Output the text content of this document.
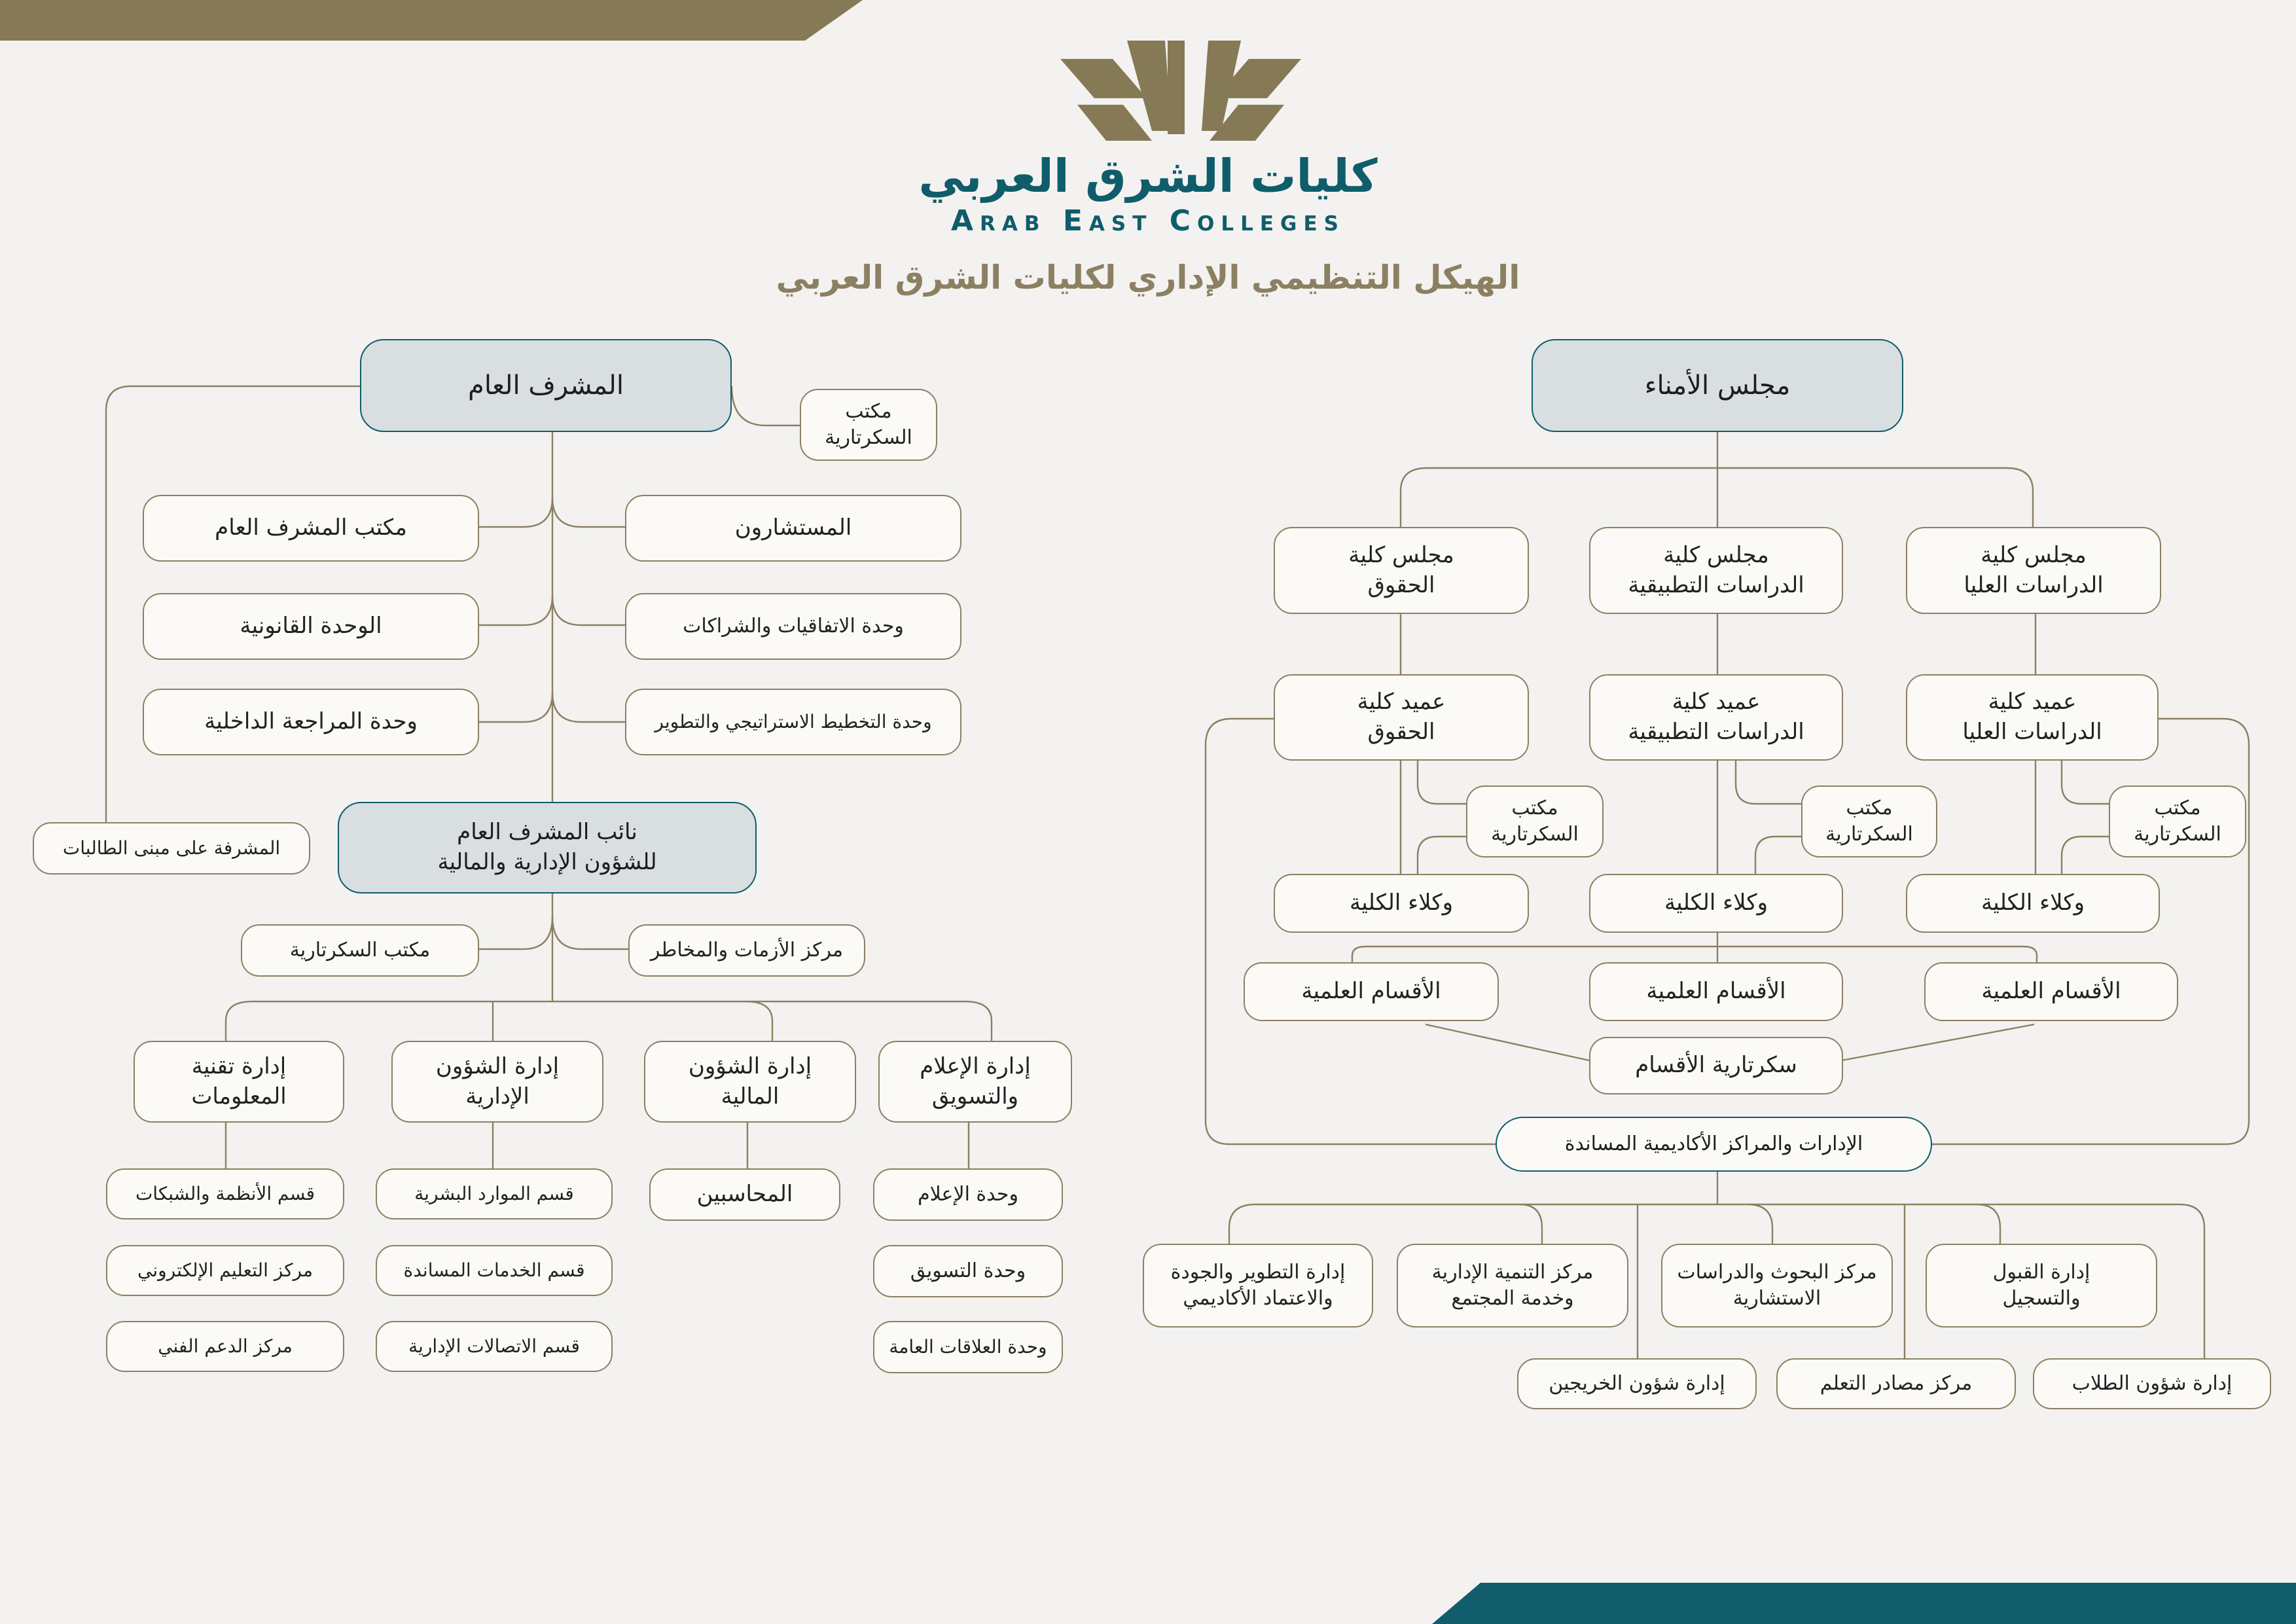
كليات الشرق العربي
Arab East Colleges
الهيكل التنظيمي الإداري لكليات الشرق العربي
المشرف العام
مكتب
السكرتارية
مكتب المشرف العام	المستشارون
الوحدة القانونية	وحدة الاتفاقيات والشراكات
وحدة المراجعة الداخلية	وحدة التخطيط الاستراتيجي والتطوير
المشرفة على مبنى الطالبات
نائب المشرف العام
للشؤون الإدارية والمالية
مكتب السكرتارية	مركز الأزمات والمخاطر
إدارة تقنية
المعلومات
إدارة الشؤون
الإدارية
إدارة الشؤون
المالية
إدارة الإعلام
والتسويق
قسم الأنظمة والشبكات
مركز التعليم الإلكتروني
مركز الدعم الفني
قسم الموارد البشرية
قسم الخدمات المساندة
قسم الاتصالات الإدارية
المحاسبين	وحدة الإعلام
وحدة التسويق
وحدة العلاقات العامة
مجلس الأمناء
مجلس كلية
الحقوق
مجلس كلية
الدراسات التطبيقية
مجلس كلية
الدراسات العليا
عميد كلية
الحقوق
عميد كلية
الدراسات التطبيقية
عميد كلية
الدراسات العليا
مكتب
السكرتارية
مكتب
السكرتارية
مكتب
السكرتارية
وكلاء الكلية	وكلاء الكلية	وكلاء الكلية
الأقسام العلمية	الأقسام العلمية	الأقسام العلمية
سكرتارية الأقسام
الإدارات والمراكز الأكاديمية المساندة
إدارة التطوير والجودة
والاعتماد الأكاديمي
مركز التنمية الإدارية
وخدمة المجتمع
مركز البحوث والدراسات
الاستشارية
إدارة القبول
والتسجيل
إدارة شؤون الخريجين	مركز مصادر التعلم	إدارة شؤون الطلاب
